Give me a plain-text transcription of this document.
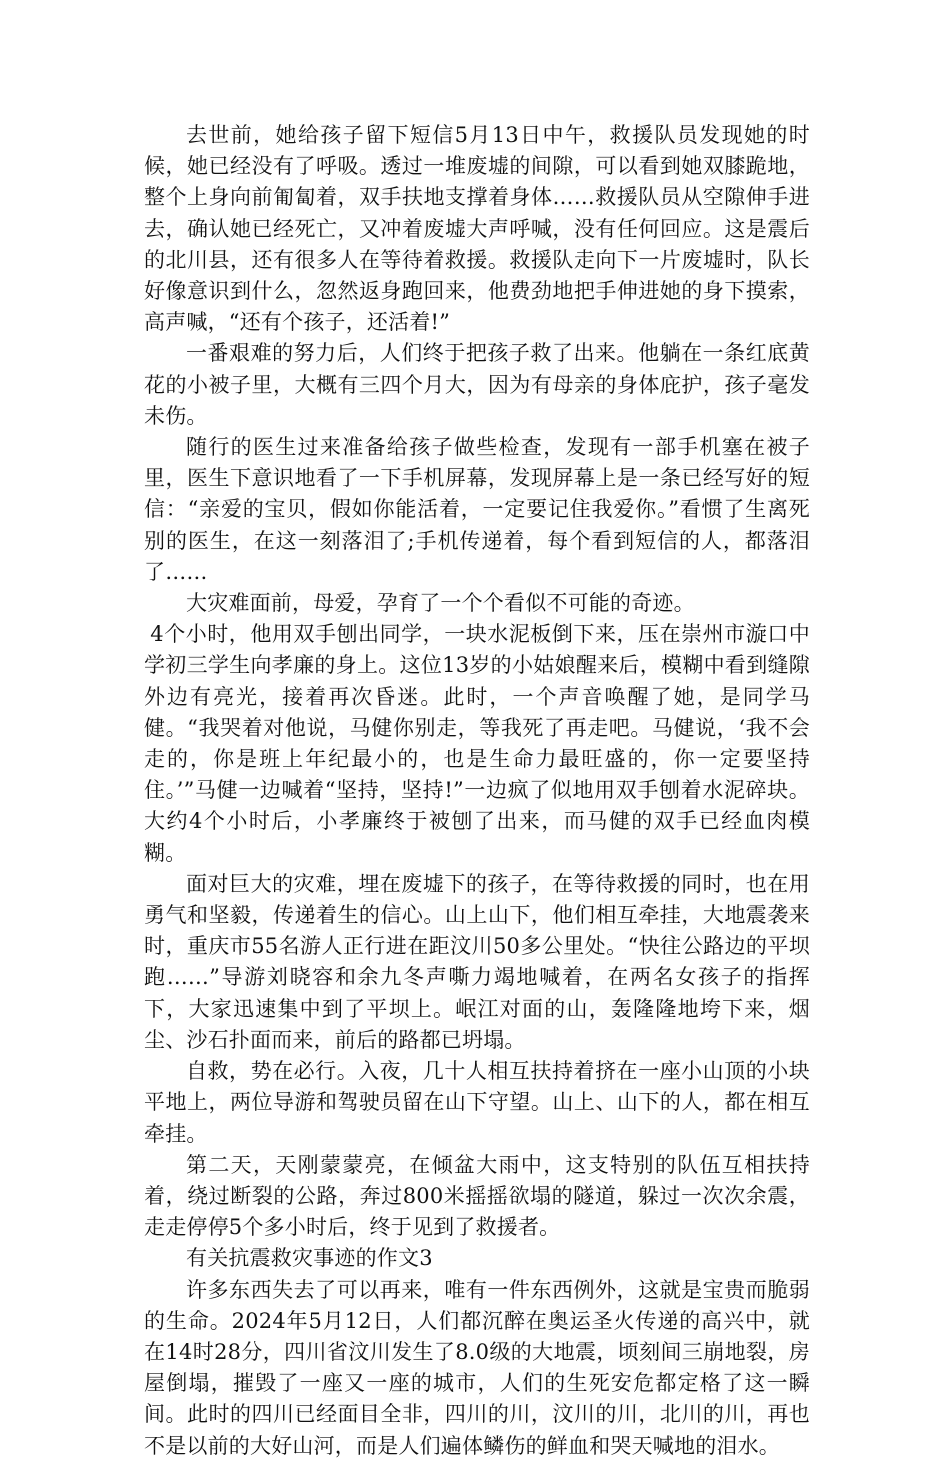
去世前，她给孩子留下短信5月13日中午，救援队员发现她的时候，她已经没有了呼吸。透过一堆废墟的间隙，可以看到她双膝跪地，整个上身向前匍匐着，双手扶地支撑着身体……救援队员从空隙伸手进去，确认她已经死亡，又冲着废墟大声呼喊，没有任何回应。这是震后的北川县，还有很多人在等待着救援。救援队走向下一片废墟时，队长好像意识到什么，忽然返身跑回来，他费劲地把手伸进她的身下摸索，高声喊，“还有个孩子，还活着!”

一番艰难的努力后，人们终于把孩子救了出来。他躺在一条红底黄花的小被子里，大概有三四个月大，因为有母亲的身体庇护，孩子毫发未伤。

随行的医生过来准备给孩子做些检查，发现有一部手机塞在被子里，医生下意识地看了一下手机屏幕，发现屏幕上是一条已经写好的短信：“亲爱的宝贝，假如你能活着，一定要记住我爱你。”看惯了生离死别的医生，在这一刻落泪了;手机传递着，每个看到短信的人，都落泪了……

大灾难面前，母爱，孕育了一个个看似不可能的奇迹。

4个小时，他用双手刨出同学，一块水泥板倒下来，压在崇州市漩口中学初三学生向孝廉的身上。这位13岁的小姑娘醒来后，模糊中看到缝隙外边有亮光，接着再次昏迷。此时，一个声音唤醒了她，是同学马健。“我哭着对他说，马健你别走，等我死了再走吧。马健说，‘我不会走的，你是班上年纪最小的，也是生命力最旺盛的，你一定要坚持住。’”马健一边喊着“坚持，坚持!”一边疯了似地用双手刨着水泥碎块。大约4个小时后，小孝廉终于被刨了出来，而马健的双手已经血肉模糊。

面对巨大的灾难，埋在废墟下的孩子，在等待救援的同时，也在用勇气和坚毅，传递着生的信心。山上山下，他们相互牵挂，大地震袭来时，重庆市55名游人正行进在距汶川50多公里处。“快往公路边的平坝跑……”导游刘晓容和余九冬声嘶力竭地喊着，在两名女孩子的指挥下，大家迅速集中到了平坝上。岷江对面的山，轰隆隆地垮下来，烟尘、沙石扑面而来，前后的路都已坍塌。

自救，势在必行。入夜，几十人相互扶持着挤在一座小山顶的小块平地上，两位导游和驾驶员留在山下守望。山上、山下的人，都在相互牵挂。

第二天，天刚蒙蒙亮，在倾盆大雨中，这支特别的队伍互相扶持着，绕过断裂的公路，奔过800米摇摇欲塌的隧道，躲过一次次余震，走走停停5个多小时后，终于见到了救援者。

有关抗震救灾事迹的作文3

许多东西失去了可以再来，唯有一件东西例外，这就是宝贵而脆弱的生命。2024年5月12日，人们都沉醉在奥运圣火传递的高兴中，就在14时28分，四川省汶川发生了8.0级的大地震，顷刻间三崩地裂，房屋倒塌，摧毁了一座又一座的城市，人们的生死安危都定格了这一瞬间。此时的四川已经面目全非，四川的川，汶川的川，北川的川，再也不是以前的大好山河，而是人们遍体鳞伤的鲜血和哭天喊地的泪水。
